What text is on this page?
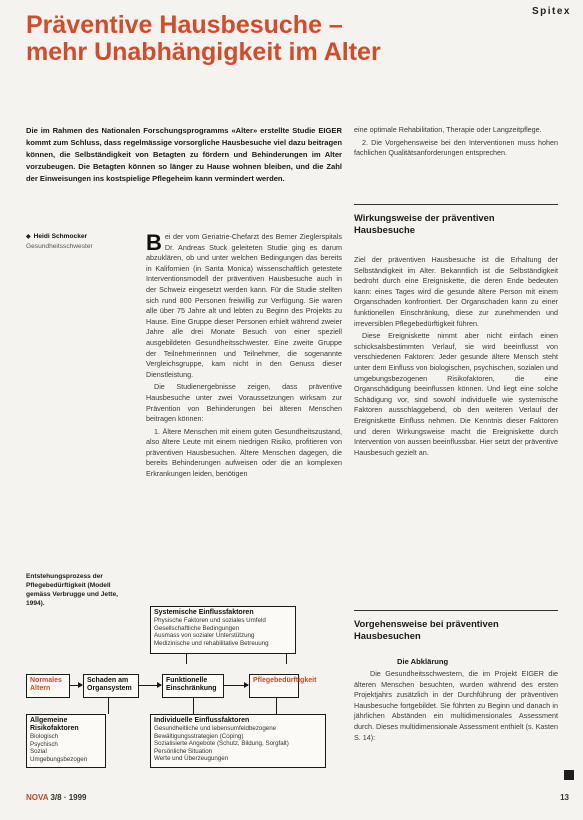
Spitex
Präventive Hausbesuche –
mehr Unabhängigkeit im Alter
Die im Rahmen des Nationalen Forschungsprogramms «Alter» erstellte Studie EIGER kommt zum Schluss, dass regelmässige vorsorgliche Hausbesuche viel dazu beitragen können, die Selbständigkeit von Betagten zu fördern und Behinderungen im Alter vorzubeugen. Die Betagten können so länger zu Hause wohnen bleiben, und die Zahl der Einweisungen ins kostspielige Pflegeheim kann vermindert werden.
◆ Heidi Schmocker
Gesundheitsschwester	Bei der vom Geriatrie-Chefarzt des Berner Zieglerspitals Dr. Andreas Stuck geleiteten Studie ging es darum abzuklären, ob und unter welchen Bedingungen das bereits in Kalifornien (in Santa Monica) wissenschaftlich getestete Interventionsmodell der präventiven Hausbesuche auch in der Schweiz eingesetzt werden kann. Für die Studie stellten sich rund 800 Personen freiwillig zur Verfügung. Sie waren alle über 75 Jahre alt und lebten zu Beginn des Projekts zu Hause. Eine Gruppe dieser Personen erhielt während zweier Jahre alle drei Monate Besuch von einer speziell ausgebildeten Gesundheitsschwester. Eine zweite Gruppe der Teilnehmerinnen und Teilnehmer, die sogenannte Vergleichsgruppe, kam nicht in den Genuss dieser Dienstleistung.

Die Studienergebnisse zeigen, dass präventive Hausbesuche unter zwei Voraussetzungen wirksam zur Prävention von Behinderungen bei älteren Menschen beitragen können:

1. Ältere Menschen mit einem guten Gesundheitszustand, also ältere Leute mit einem niedrigen Risiko, profitieren von präventiven Hausbesuchen. Ältere Menschen dagegen, die bereits Behinderungen aufweisen oder die an komplexen Erkrankungen leiden, benötigen

eine optimale Rehabilitation, Therapie oder Langzeitpflege.

2. Die Vorgehensweise bei den Interventionen muss hohen fachlichen Qualitätsanforderungen entsprechen.

Wirkungsweise der präventiven Hausbesuche

Ziel der präventiven Hausbesuche ist die Erhaltung der Selbständigkeit im Alter. Bekanntlich ist die Selbständigkeit bedroht durch eine Ereigniskette, die deren Ende bedeuten kann: eines Tages wird die gesunde ältere Person mit einem Organschaden konfrontiert. Der Organschaden kann zu einer funktionellen Einschränkung, diese zur zunehmenden und irreversiblen Pflegebedürftigkeit führen.

Diese Ereigniskette nimmt aber nicht einfach einen schicksalsbestimmten Verlauf, sie wird beeinflusst von verschiedenen Faktoren: Jeder gesunde ältere Mensch steht unter dem Einfluss von biologischen, psychischen, sozialen und umgebungsbezogenen Risikofaktoren, die eine Organschädigung beeinflussen können. Und liegt eine solche Schädigung vor, sind sowohl individuelle wie systemische Faktoren ausschlaggebend, ob den weiteren Verlauf der Ereigniskette Einfluss nehmen. Die Kenntnis dieser Faktoren und deren Wirkungsweise macht die Ereigniskette durch Intervention von aussen beeinflussbar. Hier setzt der präventive Hausbesuch gezielt an.

Vorgehensweise bei präventiven Hausbesuchen
Die Abklärung

Die Gesundheitsschwestern, die im Projekt EIGER die älteren Menschen besuchten, wurden während des ersten Projektjahrs zusätzlich in der Durchführung der präventiven Hausbesuche fortgebildet. Sie führten zu Beginn und danach in jährlichen Abständen ein multidimensionales Assessment durch. Dieses multidimensionale Assessment enthielt (s. Kasten S. 14):

Entstehungsprozess der Pflegebedürftigkeit (Modell gemäss Verbrugge und Jette, 1994).
Systemische Einflussfaktoren
Physische Faktoren und soziales Umfeld
Gesellschaftliche Bedingungen
Ausmass von sozialer Unterstützung
Medizinische und rehabilitative Betreuung
Normales Altern
Schaden am Organsystem
Funktionelle Einschränkung
Pflegebedürftigkeit
Allgemeine Risikofaktoren
Biologisch
Psychisch
Sozial
Umgebungsbezogen
Individuelle Einflussfaktoren
Gesundheitliche und lebensumfeldbezogene Bewältigungsstrategien (Coping)
Sozialisierte Angebote (Schutz, Bildung, Sorgfalt)
Persönliche Situation
Werte und Überzeugungen
NOVA 3/8 · 1999	13
